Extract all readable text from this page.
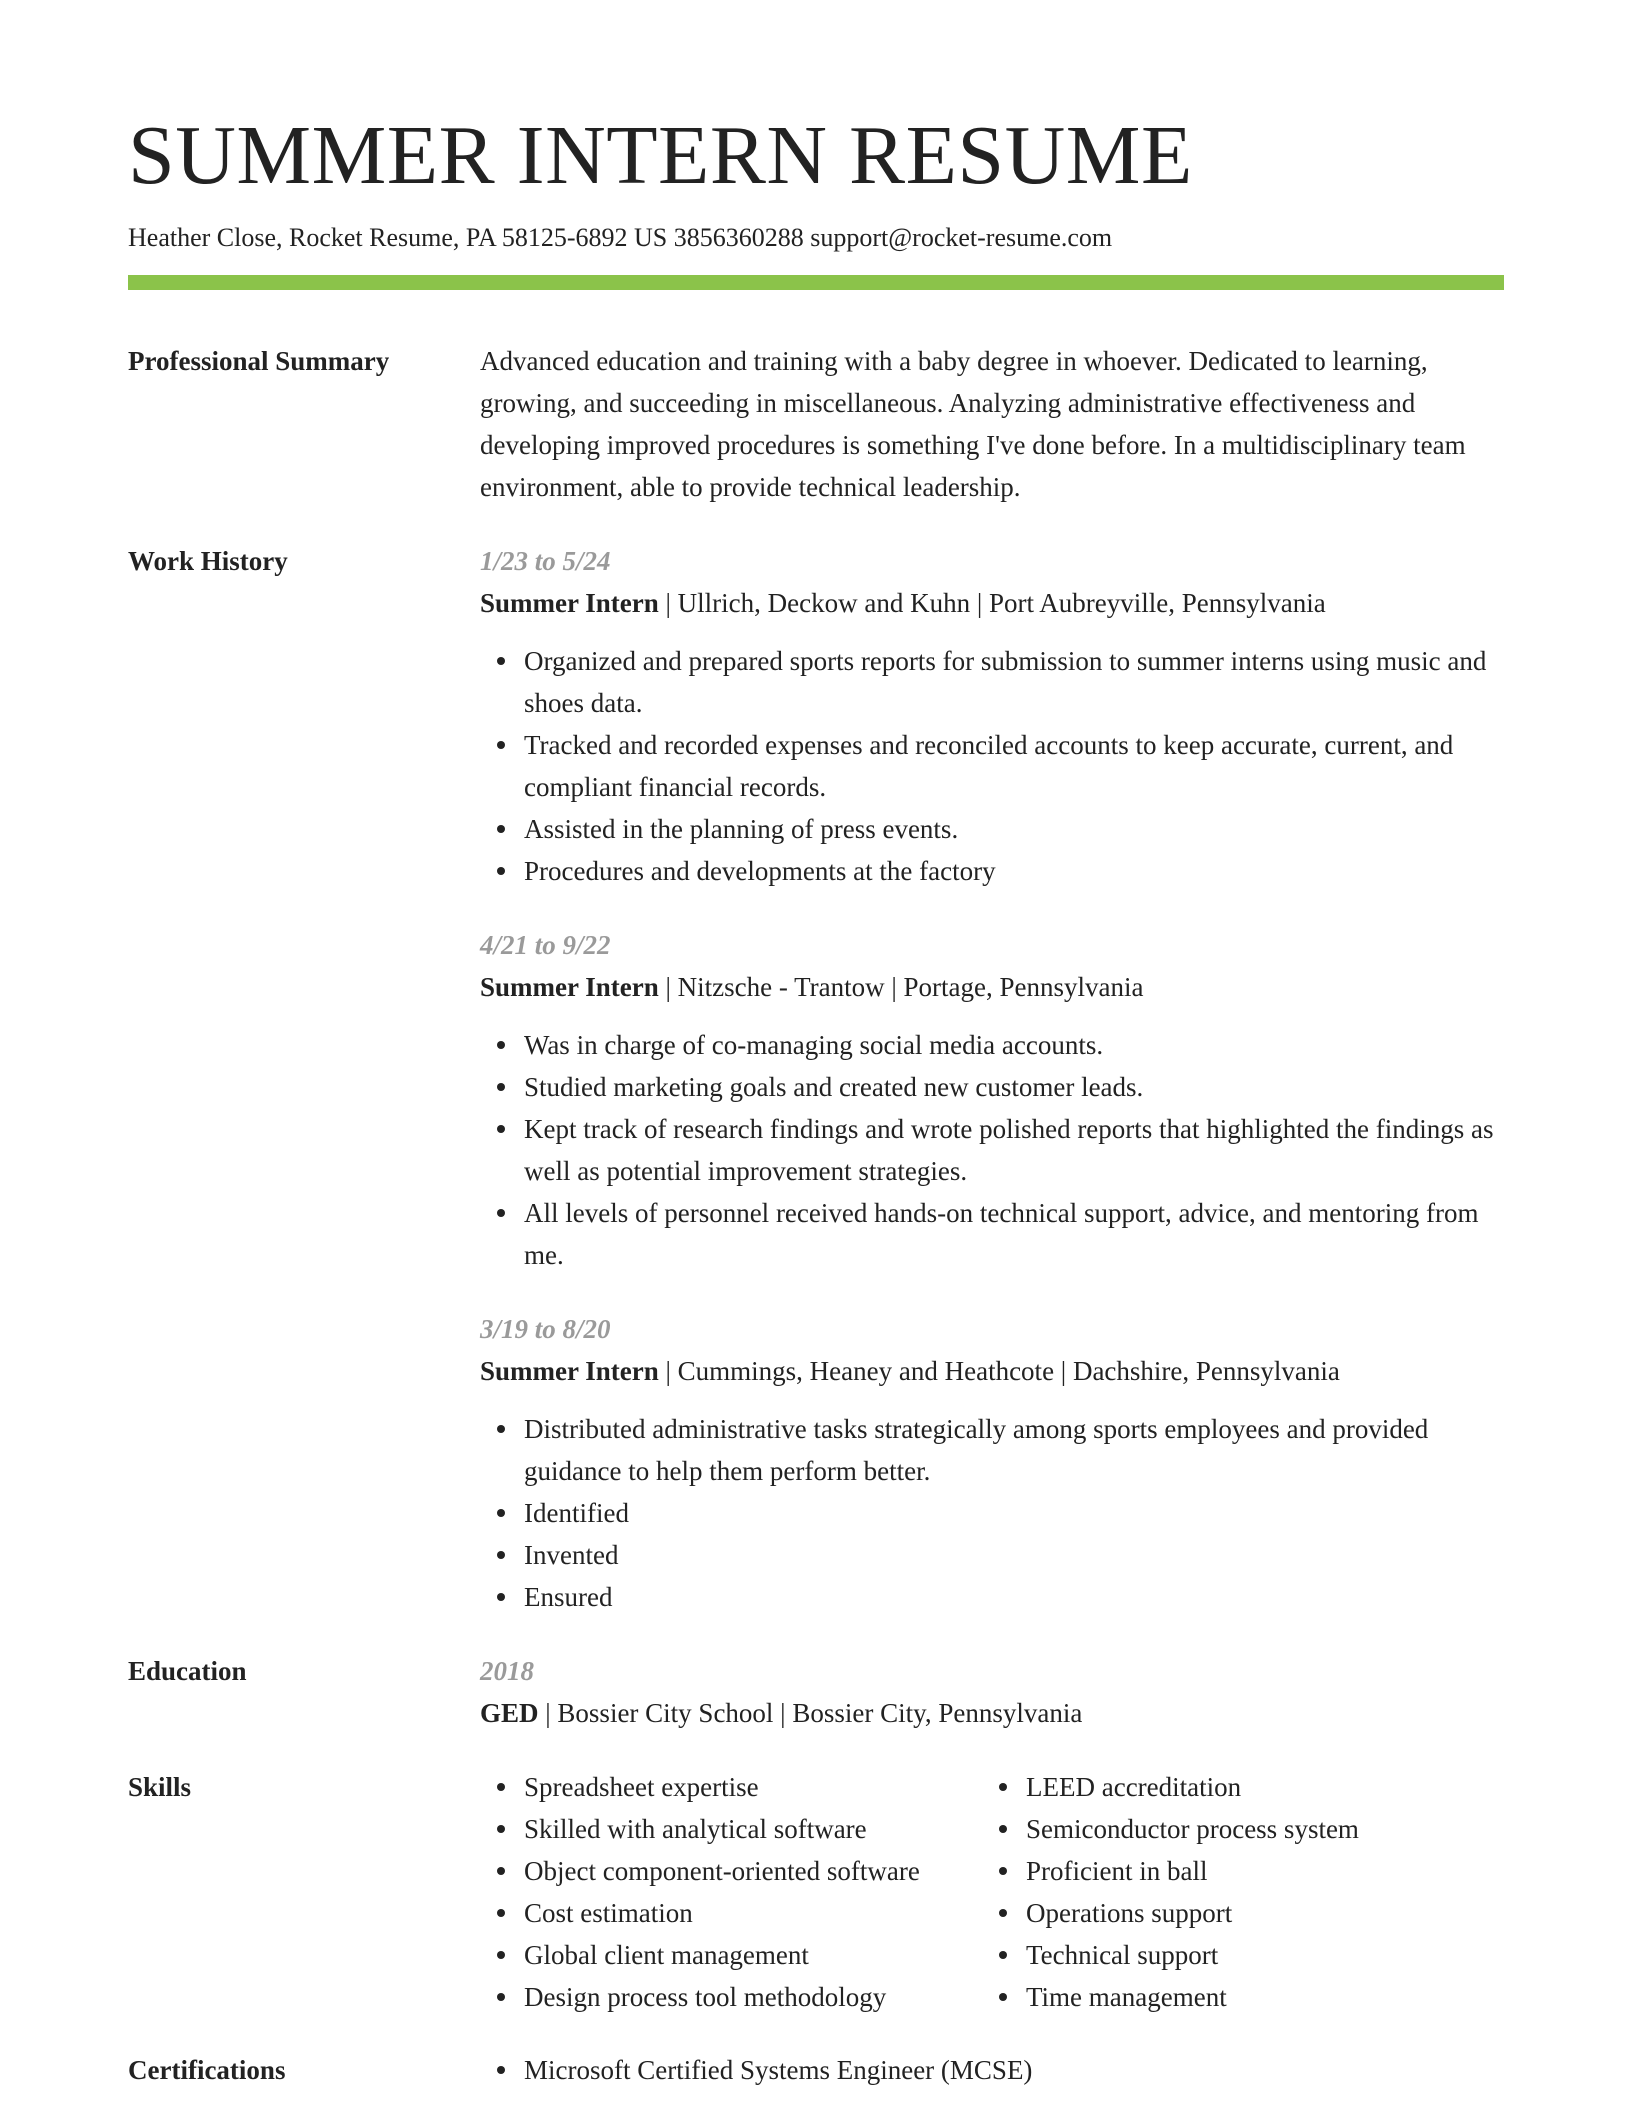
SUMMER INTERN RESUME
Heather Close, Rocket Resume, PA 58125-6892 US 3856360288 support@rocket-resume.com
Professional Summary	Advanced education and training with a baby degree in whoever. Dedicated to learning, growing, and succeeding in miscellaneous. Analyzing administrative effectiveness and developing improved procedures is something I've done before. In a multidisciplinary team environment, able to provide technical leadership.

Work History	1/23 to 5/24
Summer Intern | Ullrich, Deckow and Kuhn | Port Aubreyville, Pennsylvania
Organized and prepared sports reports for submission to summer interns using music and shoes data.
Tracked and recorded expenses and reconciled accounts to keep accurate, current, and compliant financial records.
Assisted in the planning of press events.
Procedures and developments at the factory
4/21 to 9/22
Summer Intern | Nitzsche - Trantow | Portage, Pennsylvania
Was in charge of co-managing social media accounts.
Studied marketing goals and created new customer leads.
Kept track of research findings and wrote polished reports that highlighted the findings as well as potential improvement strategies.
All levels of personnel received hands-on technical support, advice, and mentoring from me.
3/19 to 8/20
Summer Intern | Cummings, Heaney and Heathcote | Dachshire, Pennsylvania
Distributed administrative tasks strategically among sports employees and provided guidance to help them perform better.
Identified
Invented
Ensured
Education	2018
GED | Bossier City School | Bossier City, Pennsylvania
Skills	Spreadsheet expertise
Skilled with analytical software
Object component-oriented software
Cost estimation
Global client management
Design process tool methodology
LEED accreditation
Semiconductor process system
Proficient in ball
Operations support
Technical support
Time management
Certifications	Microsoft Certified Systems Engineer (MCSE)
